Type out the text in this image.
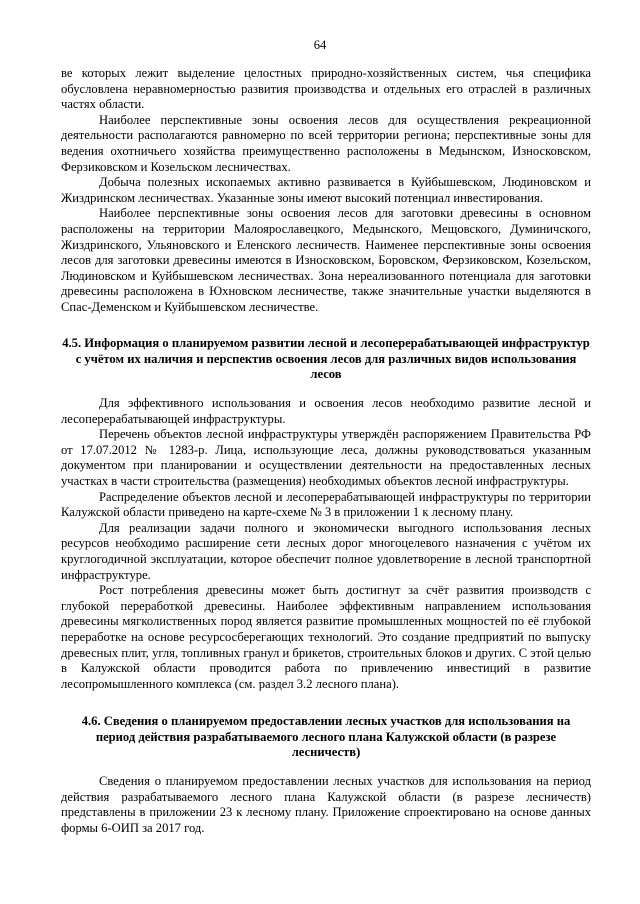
64

ве которых лежит выделение целостных природно-хозяйственных систем, чья специфика обусловлена неравномерностью развития производства и отдельных его отраслей в различных частях области.

Наиболее перспективные зоны освоения лесов для осуществления рекреационной деятельности располагаются равномерно по всей территории региона; перспективные зоны для ведения охотничьего хозяйства преимущественно расположены в Медынском, Износковском, Ферзиковском и Козельском лесничествах.

Добыча полезных ископаемых активно развивается в Куйбышевском, Людиновском и Жиздринском лесничествах. Указанные зоны имеют высокий потенциал инвестирования.

Наиболее перспективные зоны освоения лесов для заготовки древесины в основном расположены на территории Малоярославецкого, Медынского, Мещовского, Думиничского, Жиздринского, Ульяновского и Еленского лесничеств. Наименее перспективные зоны освоения лесов для заготовки древесины имеются в Износковском, Боровском, Ферзиковском, Козельском, Людиновском и Куйбышевском лесничествах. Зона нереализованного потенциала для заготовки древесины расположена в Юхновском лесничестве, также значительные участки выделяются в Спас-Деменском и Куйбышевском лесничестве.

4.5. Информация о планируемом развитии лесной и лесоперерабатывающей инфраструктур с учётом их наличия и перспектив освоения лесов для различных видов использования лесов

Для эффективного использования и освоения лесов необходимо развитие лесной и лесоперерабатывающей инфраструктуры.

Перечень объектов лесной инфраструктуры утверждён распоряжением Правительства РФ от 17.07.2012 № 1283-р. Лица, использующие леса, должны руководствоваться указанным документом при планировании и осуществлении деятельности на предоставленных лесных участках в части строительства (размещения) необходимых объектов лесной инфраструктуры.

Распределение объектов лесной и лесоперерабатывающей инфраструктуры по территории Калужской области приведено на карте-схеме № 3 в приложении 1 к лесному плану.

Для реализации задачи полного и экономически выгодного использования лесных ресурсов необходимо расширение сети лесных дорог многоцелевого назначения с учётом их круглогодичной эксплуатации, которое обеспечит полное удовлетворение в лесной транспортной инфраструктуре.

Рост потребления древесины может быть достигнут за счёт развития производств с глубокой переработкой древесины. Наиболее эффективным направлением использования древесины мягколиственных пород является развитие промышленных мощностей по её глубокой переработке на основе ресурсосберегающих технологий. Это создание предприятий по выпуску древесных плит, угля, топливных гранул и брикетов, строительных блоков и других. С этой целью в Калужской области проводится работа по привлечению инвестиций в развитие лесопромышленного комплекса (см. раздел 3.2 лесного плана).

4.6. Сведения о планируемом предоставлении лесных участков для использования на период действия разрабатываемого лесного плана Калужской области (в разрезе лесничеств)

Сведения о планируемом предоставлении лесных участков для использования на период действия разрабатываемого лесного плана Калужской области (в разрезе лесничеств) представлены в приложении 23 к лесному плану. Приложение спроектировано на основе данных формы 6-ОИП за 2017 год.
